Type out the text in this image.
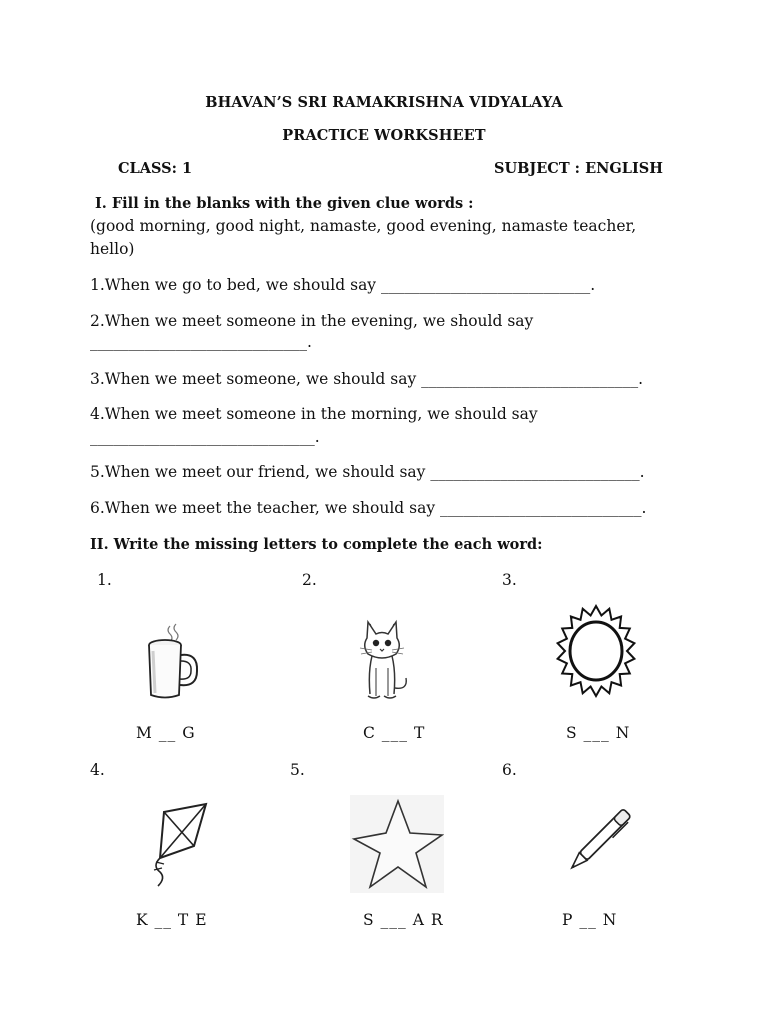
BHAVAN’S SRI RAMAKRISHNA VIDYALAYA
PRACTICE WORKSHEET
CLASS: 1	SUBJECT : ENGLISH
I. Fill in the blanks with the given clue words :
(good morning, good night, namaste, good evening, namaste teacher,
hello)
1.When we go to bed, we should say ___________________________.
2.When we meet someone in the evening, we should say
____________________________.
3.When we meet someone, we should say ____________________________.
4.When we meet someone in the morning, we should say
_____________________________.
5.When we meet our friend, we should say ___________________________.
6.When we meet the teacher, we should say __________________________.
II. Write the missing letters to complete the each word:
1.	2.	3.
M __ G	C ___ T	S ___ N
4.	5.	6.
K __ T E	S ___ A R	P __ N
